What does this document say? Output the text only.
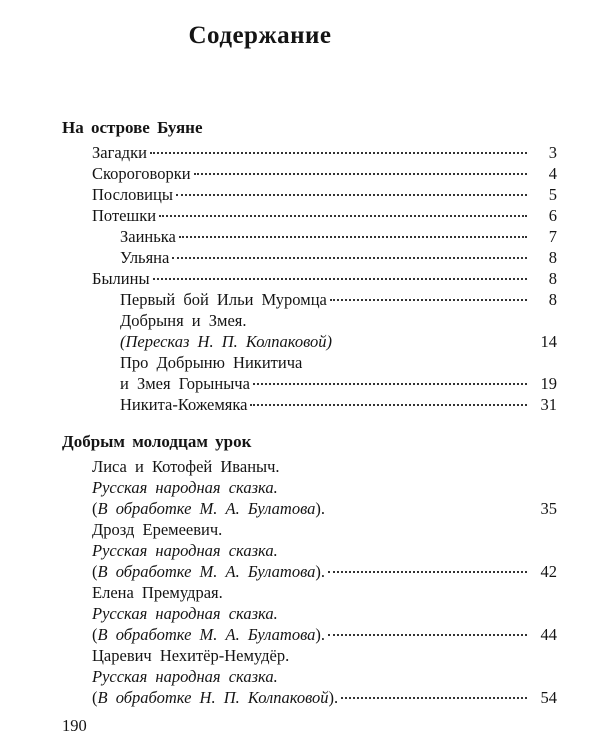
Содержание
На острове Буяне
Загадки	3
Скороговорки	4
Пословицы	5
Потешки	6
Заинька	7
Ульяна	8
Былины	8
Первый бой Ильи Муромца	8
Добрыня и Змея.
(Пересказ Н. П. Колпаковой)	14
Про Добрыню Никитича
и Змея Горыныча	19
Никита-Кожемяка	31
Добрым молодцам урок
Лиса и Котофей Иваныч.
Русская народная сказка.
( В обработке М. А. Булатова ).	35
Дрозд Еремеевич.
Русская народная сказка.
( В обработке М. А. Булатова ).	42
Елена Премудрая.
Русская народная сказка.
( В обработке М. А. Булатова ).	44
Царевич Нехитёр-Немудёр.
Русская народная сказка.
( В обработке Н. П. Колпаковой ).	54
190
